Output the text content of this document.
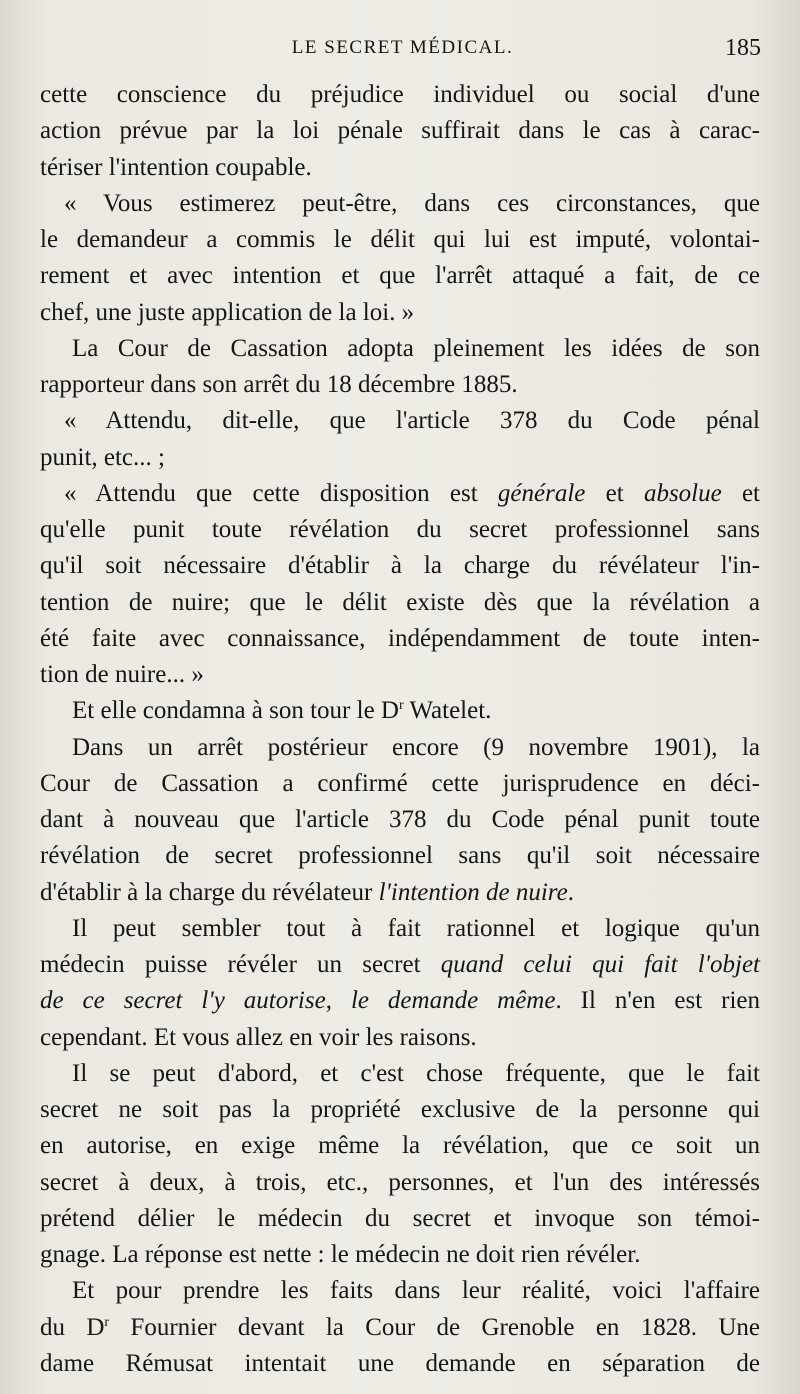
LE SECRET MÉDICAL.	185
cette conscience du préjudice individuel ou social d'une
action prévue par la loi pénale suffirait dans le cas à carac-
tériser l'intention coupable.
« Vous estimerez peut-être, dans ces circonstances, que
le demandeur a commis le délit qui lui est imputé, volontai-
rement et avec intention et que l'arrêt attaqué a fait, de ce
chef, une juste application de la loi. »
La Cour de Cassation adopta pleinement les idées de son
rapporteur dans son arrêt du 18 décembre 1885.
« Attendu, dit-elle, que l'article 378 du Code pénal
punit, etc... ;
« Attendu que cette disposition est générale et absolue et
qu'elle punit toute révélation du secret professionnel sans
qu'il soit nécessaire d'établir à la charge du révélateur l'in-
tention de nuire; que le délit existe dès que la révélation a
été faite avec connaissance, indépendamment de toute inten-
tion de nuire... »
Et elle condamna à son tour le $D^r$ Watelet.
Dans un arrêt postérieur encore (9 novembre 1901), la
Cour de Cassation a confirmé cette jurisprudence en déci-
dant à nouveau que l'article 378 du Code pénal punit toute
révélation de secret professionnel sans qu'il soit nécessaire
d'établir à la charge du révélateur l'intention de nuire.
Il peut sembler tout à fait rationnel et logique qu'un
médecin puisse révéler un secret quand celui qui fait l'objet
de ce secret l'y autorise, le demande même. Il n'en est rien
cependant. Et vous allez en voir les raisons.
Il se peut d'abord, et c'est chose fréquente, que le fait
secret ne soit pas la propriété exclusive de la personne qui
en autorise, en exige même la révélation, que ce soit un
secret à deux, à trois, etc., personnes, et l'un des intéressés
prétend délier le médecin du secret et invoque son témoi-
gnage. La réponse est nette : le médecin ne doit rien révéler.
Et pour prendre les faits dans leur réalité, voici l'affaire
du $D^r$ Fournier devant la Cour de Grenoble en 1828. Une
dame Rémusat intentait une demande en séparation de
